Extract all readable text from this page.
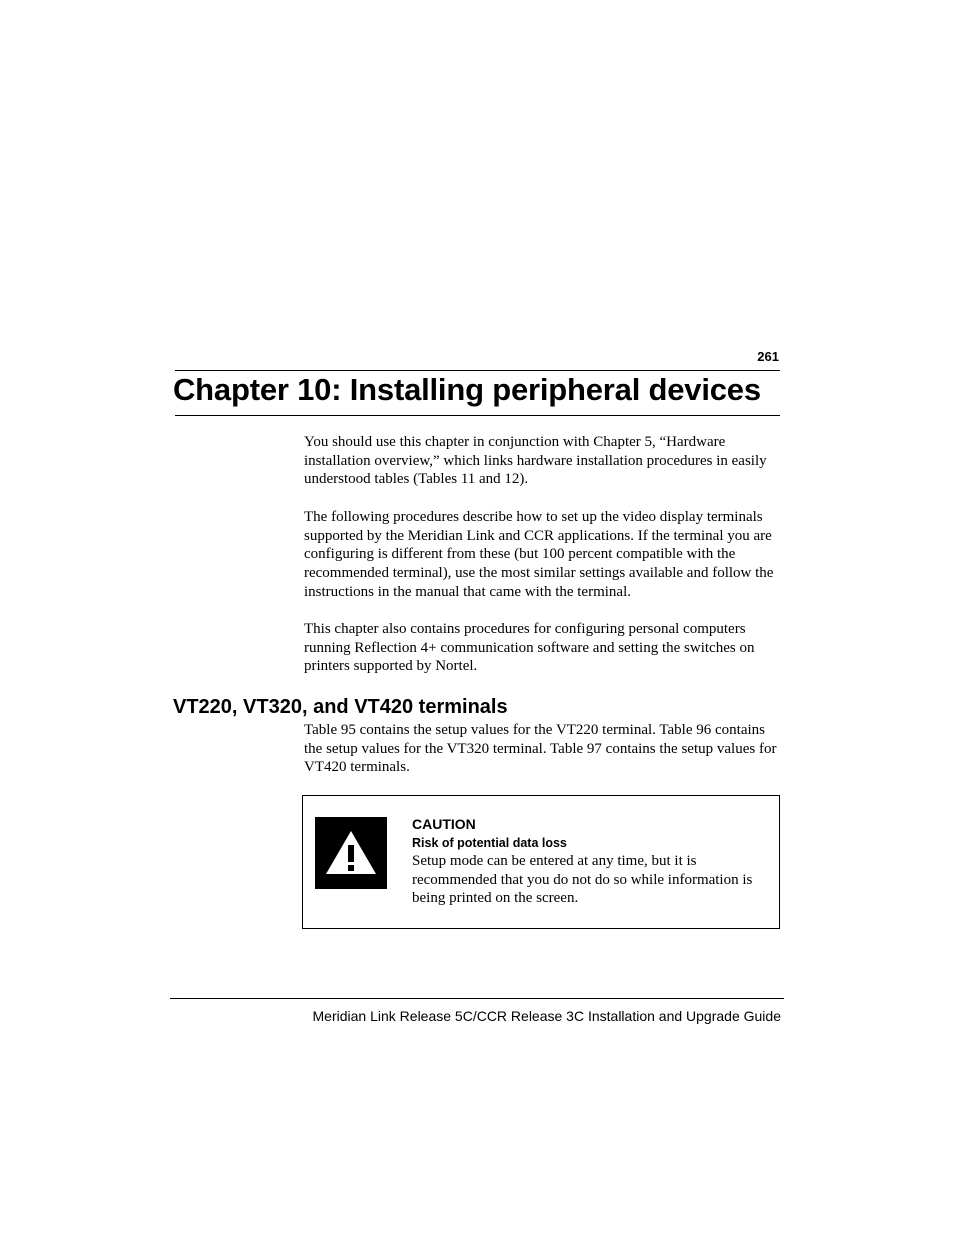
261
Chapter 10: Installing peripheral devices

You should use this chapter in conjunction with Chapter 5, “Hardware installation overview,” which links hardware installation procedures in easily understood tables (Tables 11 and 12).

The following procedures describe how to set up the video display terminals supported by the Meridian Link and CCR applications. If the terminal you are configuring is different from these (but 100 percent compatible with the recommended terminal), use the most similar settings available and follow the instructions in the manual that came with the terminal.

This chapter also contains procedures for configuring personal computers running Reflection 4+ communication software and setting the switches on printers supported by Nortel.

VT220, VT320, and VT420 terminals

Table 95 contains the setup values for the VT220 terminal. Table 96 contains the setup values for the VT320 terminal. Table 97 contains the setup values for VT420 terminals.

CAUTION

Risk of potential data loss

Setup mode can be entered at any time, but it is recommended that you do not do so while information is being printed on the screen.

Meridian Link Release 5C/CCR Release 3C Installation and Upgrade Guide
